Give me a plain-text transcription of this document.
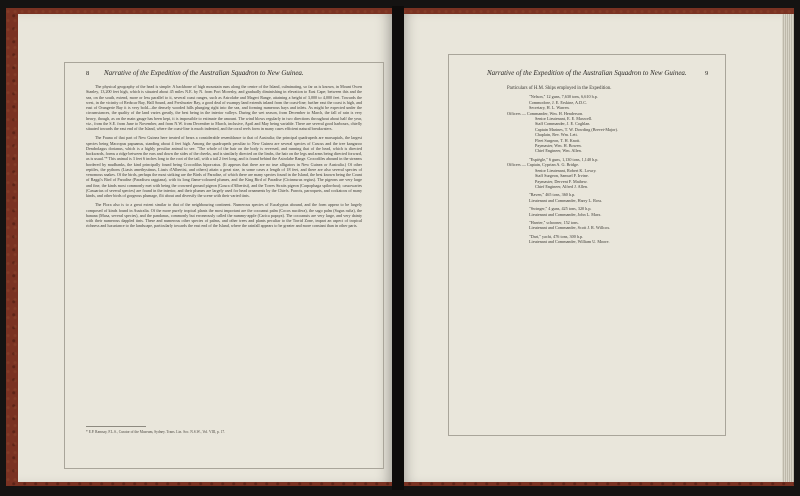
8 Narrative of the Expedition of the Australian Squadron to New Guinea.

The physical geography of the head is simple: A backbone of high mountain runs along the centre of the Island, culminating, so far as is known, in Mount Owen Stanley, 13,200 feet high, which is situated about 45 miles N.E. by N. from Port Moresby, and gradually diminishing in elevation to East Cape; between this and the sea, on the south, extend, more or less parallel to it, several coast ranges, such as Astrolabe and Mageri Range, attaining a height of 3,000 to 4,000 feet. Towards the west, in the vicinity of Redscar Bay, Hall Sound, and Freshwater Bay, a good deal of swampy land extends inland from the coast-line; further east the coast is high, and east of Orangerie Bay it is very bold—the densely wooded hills plunging right into the sea, and forming numerous bays and inlets. As might be expected under the circumstances, the quality of the land varies greatly, the best being in the interior valleys. During the wet season, from December to March, the fall of rain is very heavy, though, as on the main gauge has been kept, it is impossible to estimate the amount. The wind blows regularly in two directions throughout about half the year, viz., from the S.E. from June to November, and from N.W. from December to March, inclusive, April and May being variable. There are several good harbours, chiefly situated towards the east end of the Island, where the coast-line is much indented, and the coral reefs form in many cases efficient natural breakwaters.

The Fauna of that part of New Guinea here treated of bears a considerable resemblance to that of Australia; the principal quadrupeds are marsupials, the largest species being Macropus papuanus, standing about 4 feet high. Among the quadrupeds peculiar to New Guinea are several species of Cuscus and the tree kangaroo Dendrolagus dorianus, which is a highly peculiar animal to see. "The whole of the hair on the body is reversed, and running that of the head, which is directed backwards, forms a ridge between the ears and down the sides of the cheeks, and is similarly directed on the limbs, the hair on the legs and arms being directed forward, as is usual."* This animal is 3 feet 6 inches long to the root of the tail, with a tail 2 feet long, and is found behind the Astrolabe Range. Crocodiles abound in the streams bordered by mudbanks, the kind principally found being Crocodilus biporcatus. (It appears that there are no true alligators in New Guinea or Australia.) Of other reptiles, the pythons (Liasis amethystinus, Liasis d'Albertisi, and others) attain a great size, in some cases a length of 18 feet, and there are also several species of venomous snakes. Of the birds, perhaps the most striking are the Birds of Paradise, of which there are many species found in the Island, the best known being the Count of Raggi's Bird of Paradise (Paradisea raggiana), with its long flame-coloured plumes, and the King Bird of Paradise (Cicinnurus regius). The pigeons are very large and fine, the kinds most commonly met with being the crowned ground pigeon (Goura d'Albertisi), and the Torres Straits pigeon (Carpophaga spilorrhoa); cassowaries (Casuarius of several species) are found in the interior, and their plumes are largely used for head ornaments by the Chiefs. Parrots, parroquets, and cockatoos of many kinds, and other birds of gorgeous plumage, flit about and diversify the scene with their varied tints.

The Flora also is to a great extent similar to that of the neighbouring continent. Numerous species of Eucalyptus abound, and the form appear to be largely composed of kinds found in Australia. Of the more purely tropical plants the most important are the cocoanut palm (Cocos nucifera), the sago palm (Sagus rufia), the banana (Musa, several species), and the pandanus, commonly but erroneously called the nummy-apple (Carica papaya). The cocoanuts are very large, and very dainty with their numerous dappled tints. These and numerous other species of palms, and other trees and plants peculiar to the Torrid Zone, impart an aspect of tropical richness and luxuriance to the landscape, particularly towards the east end of the Island, where the rainfall appears to be greater and more constant than in other parts.

* E.P. Ramsay, F.L.S., Curator of the Museum, Sydney. Trans. Lin. Soc. N.S.W., Vol. VIII, p. 17.
Narrative of the Expedition of the Australian Squadron to New Guinea.	9
Particulars of H.M. Ships employed in the Expedition.
"Nelson," 12 guns, 7,630 tons, 6,610 h.p.
Commodore, J. E. Erskine, A.D.C.
Secretary, H. L. Warren.
Officers — Commander, Wm. H. Henderson.
Senior Lieutenant, E. E. Maxwell.
Staff Commander, J. E. Coghlan.
Captain Marines, T. W. Dowding (Brevet-Major).
Chaplain, Rev. Wm. Lett.
Fleet Surgeon, T. H. Knott.
Paymaster, Wm. H. Bowen.
Chief Engineer, Wm. Allen.
"Espiègle," 6 guns, 1,130 tons, 1,140 h.p.
Officers — Captain, Cyprian A. G. Bridge.
Senior Lieutenant, Robert K. Lowry.
Staff Surgeon, Samuel F. Irvine.
Paymaster, Dervent F. Mathew.
Chief Engineer, Alfred J. Allen.
"Raven," 465 tons, 360 h.p.
Lieutenant and Commander, Harry L. Ross.
"Swinger," 4 guns, 425 tons, 320 h.p.
Lieutenant and Commander, John L. Marx.
"Harrier," schooner, 152 tons.
Lieutenant and Commander, Scott J. R. Willcox.
"Dart," yacht, 476 tons, 300 h.p.
Lieutenant and Commander, William U. Moore.
